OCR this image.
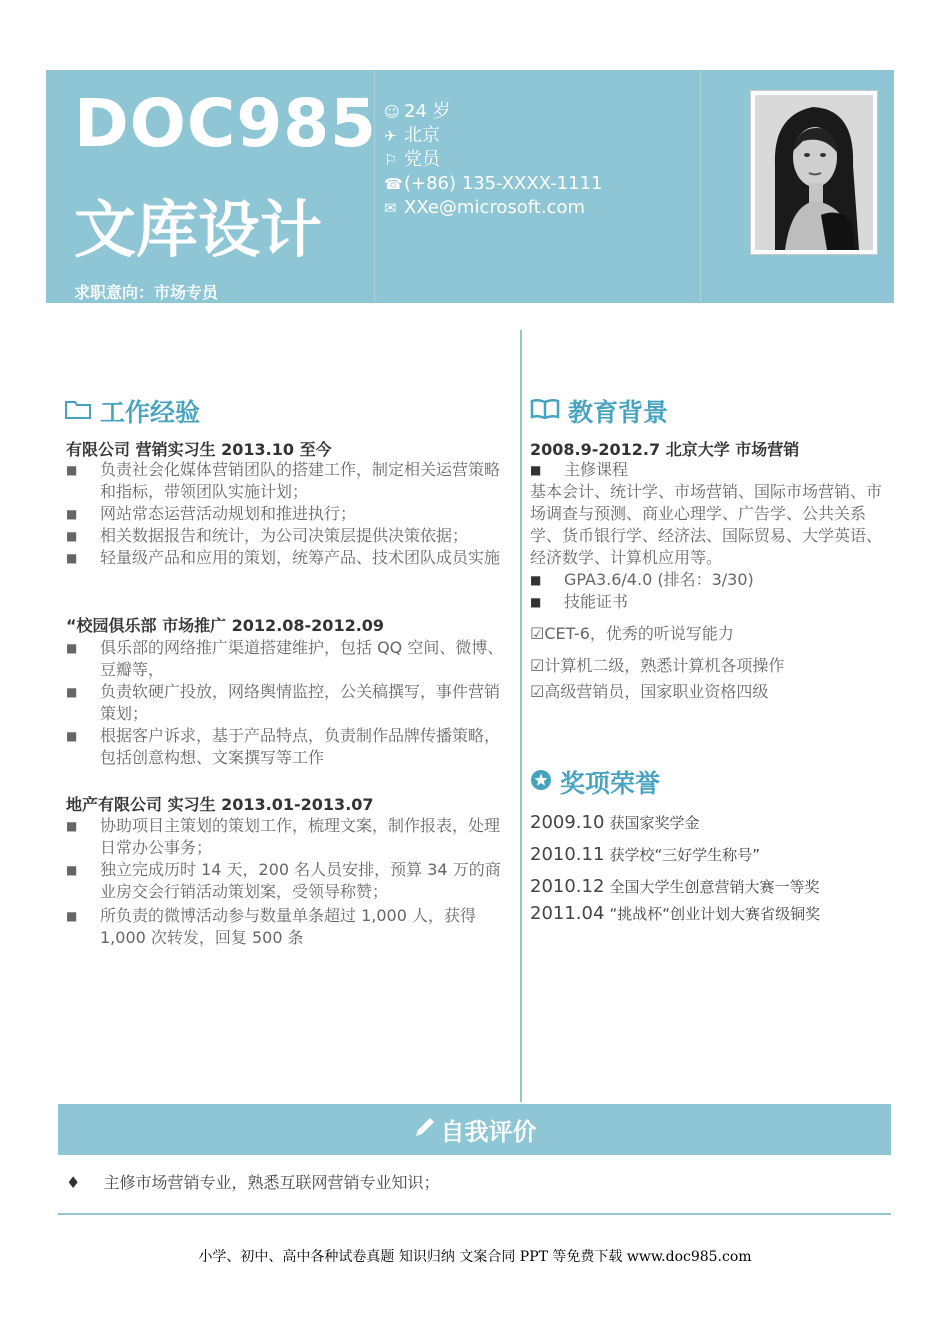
DOC985
文库设计
求职意向：市场专员
☺ 24 岁
✈ 北京
⚐ 党员
☎ (+86) 135-XXXX-1111
✉ XXe@microsoft.com
工作经验
有限公司 营销实习生 2013.10 至今
■ 负责社会化媒体营销团队的搭建工作，制定相关运营策略和指标，带领团队实施计划；
■ 网站常态运营活动规划和推进执行；
■ 相关数据报告和统计，为公司决策层提供决策依据；
■ 轻量级产品和应用的策划，统筹产品、技术团队成员实施
“校园俱乐部 市场推广 2012.08-2012.09
■ 俱乐部的网络推广渠道搭建维护，包括 QQ 空间、微博、豆瓣等，
■ 负责软硬广投放，网络舆情监控，公关稿撰写，事件营销策划；
■ 根据客户诉求，基于产品特点，负责制作品牌传播策略，包括创意构想、文案撰写等工作
地产有限公司 实习生 2013.01-2013.07
■ 协助项目主策划的策划工作，梳理文案，制作报表，处理日常办公事务；
■ 独立完成历时 14 天，200 名人员安排，预算 34 万的商业房交会行销活动策划案，受领导称赞；
■ 所负责的微博活动参与数量单条超过 1,000 人，获得 1,000 次转发，回复 500 条
教育背景
2008.9-2012.7 北京大学 市场营销
■ 主修课程
基本会计、统计学、市场营销、国际市场营销、市场调查与预测、商业心理学、广告学、公共关系学、货币银行学、经济法、国际贸易、大学英语、经济数学、计算机应用等。
■ GPA3.6/4.0 (排名：3/30)
■ 技能证书
☑CET-6，优秀的听说写能力
☑计算机二级，熟悉计算机各项操作
☑高级营销员，国家职业资格四级
奖项荣誉
2009.10 获国家奖学金
2010.11 获学校“三好学生称号”
2010.12 全国大学生创意营销大赛一等奖
2011.04 “挑战杯“创业计划大赛省级铜奖
自我评价
♦ 主修市场营销专业，熟悉互联网营销专业知识；
小学、初中、高中各种试卷真题 知识归纳 文案合同 PPT 等免费下载 www.doc985.com
